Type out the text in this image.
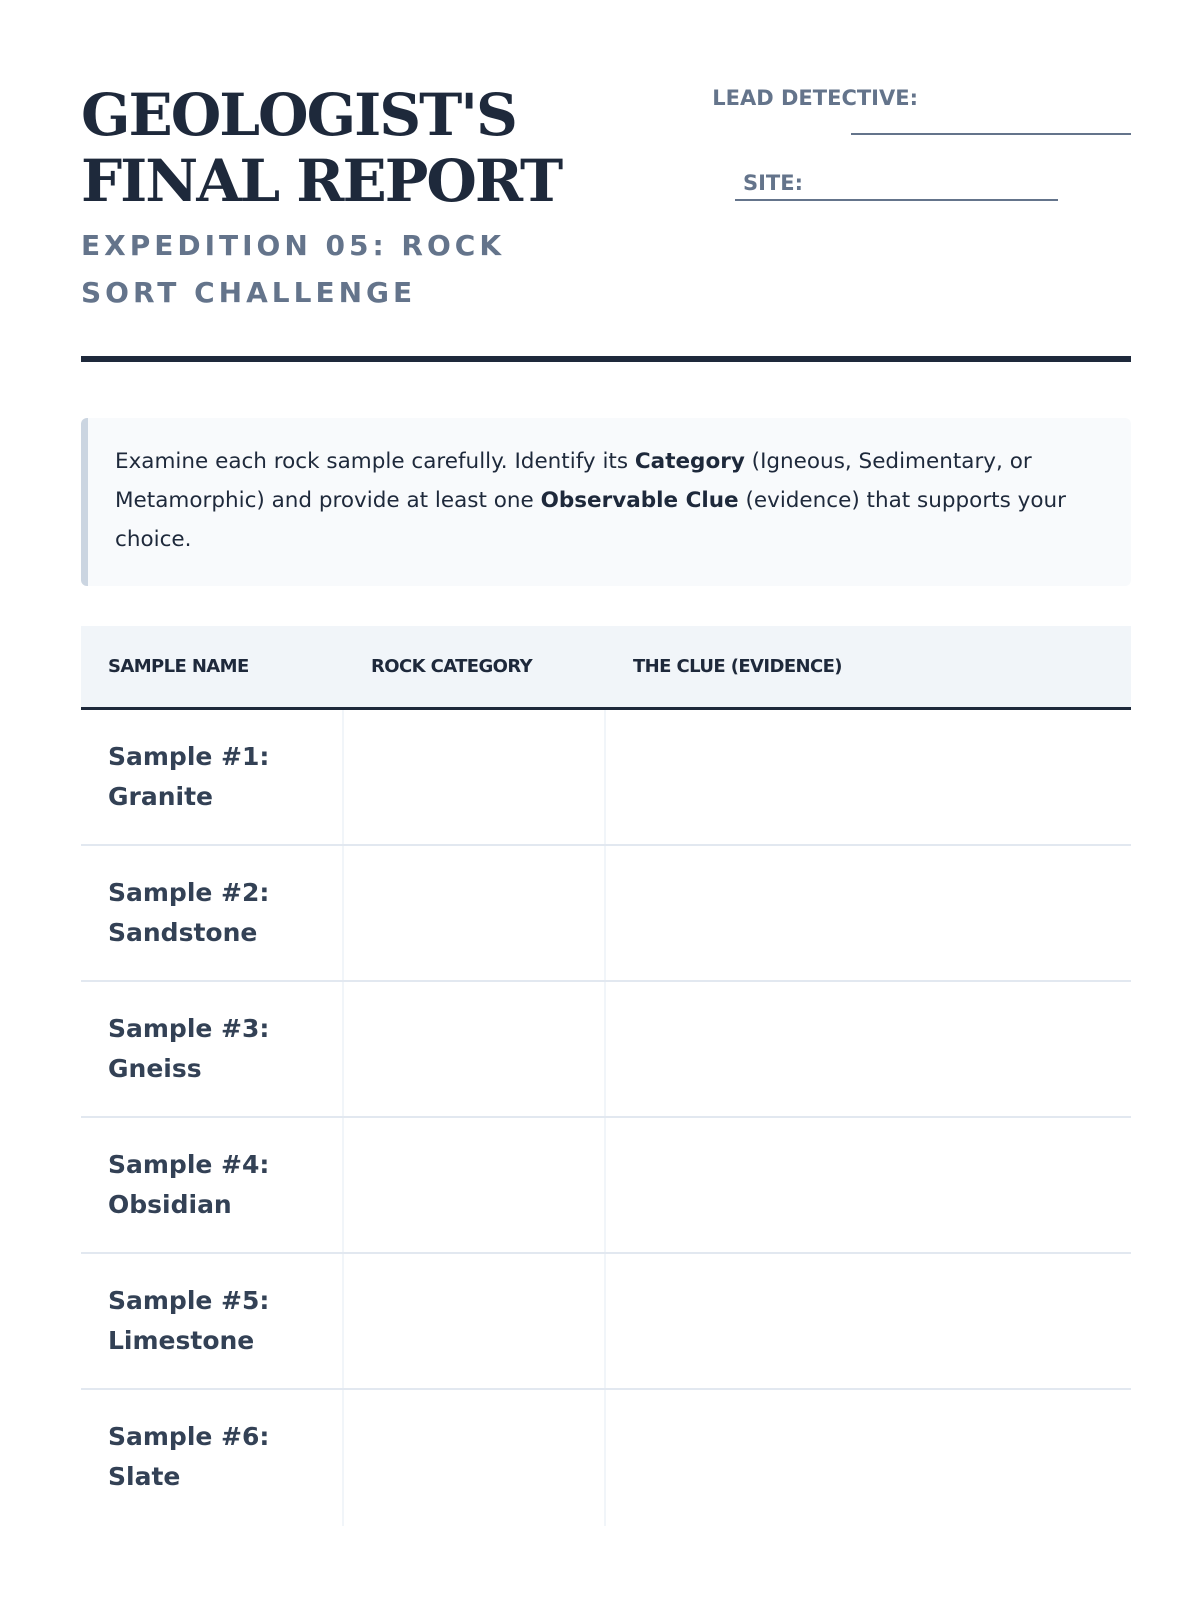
GEOLOGIST'S FINAL REPORT
EXPEDITION 05: ROCK SORT CHALLENGE
LEAD DETECTIVE:
SITE:
Examine each rock sample carefully. Identify its Category (Igneous, Sedimentary, or Metamorphic) and provide at least one Observable Clue (evidence) that supports your choice.
SAMPLE NAME	ROCK CATEGORY	THE CLUE (EVIDENCE)
Sample #1:
Granite
Sample #2:
Sandstone
Sample #3:
Gneiss
Sample #4:
Obsidian
Sample #5:
Limestone
Sample #6:
Slate
